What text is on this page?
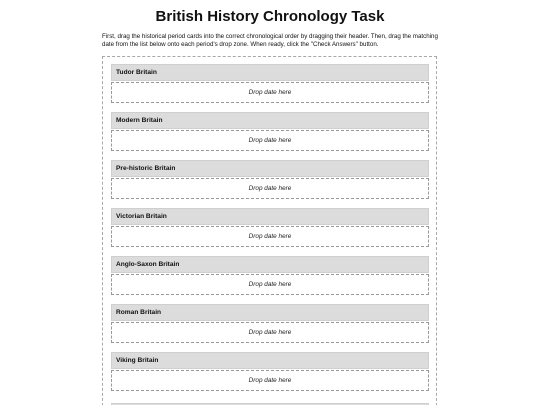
British History Chronology Task

First, drag the historical period cards into the correct chronological order by dragging their header. Then, drag the matching date from the list below onto each period's drop zone. When ready, click the "Check Answers" button.

Tudor Britain
Drop date here
Modern Britain
Drop date here
Pre-historic Britain
Drop date here
Victorian Britain
Drop date here
Anglo-Saxon Britain
Drop date here
Roman Britain
Drop date here
Viking Britain
Drop date here
